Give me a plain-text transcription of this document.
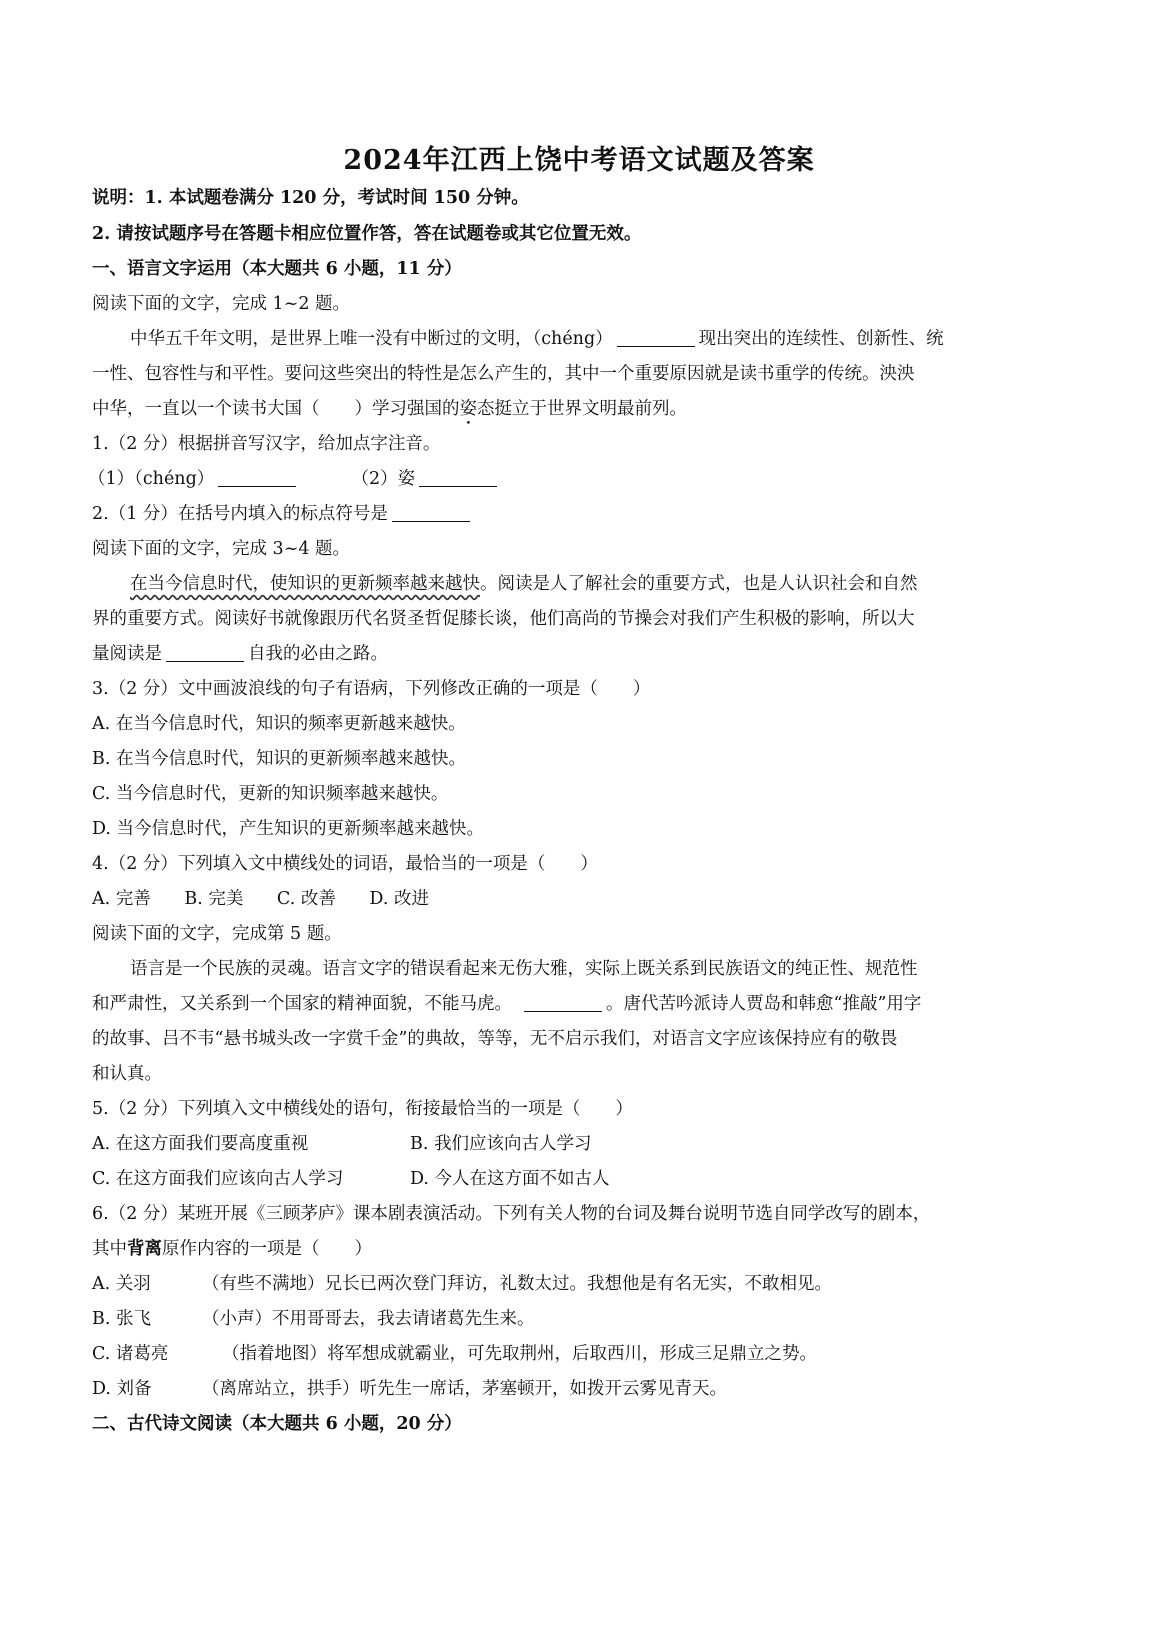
2024年江西上饶中考语文试题及答案
说明：1. 本试题卷满分 120 分，考试时间 150 分钟。
2. 请按试题序号在答题卡相应位置作答，答在试题卷或其它位置无效。
一、语言文字运用（本大题共 6 小题，11 分）
阅读下面的文字，完成 1~2 题。
中华五千年文明，是世界上唯一没有中断过的文明，（chéng）	现出突出的连续性、创新性、统
一性、包容性与和平性。要问这些突出的特性是怎么产生的，其中一个重要原因就是读书重学的传统。泱泱
中华，一直以一个读书大国（　　）学习强国的姿态挺立于世界文明最前列。
1.（2 分）根据拼音写汉字，给加点字注音。
（1）（chéng）	（2）姿
2.（1 分）在括号内填入的标点符号是
阅读下面的文字，完成 3~4 题。
在当今信息时代，使知识的更新频率越来越快。阅读是人了解社会的重要方式，也是人认识社会和自然
界的重要方式。阅读好书就像跟历代名贤圣哲促膝长谈，他们高尚的节操会对我们产生积极的影响，所以大
量阅读是	自我的必由之路。
3.（2 分）文中画波浪线的句子有语病，下列修改正确的一项是（　　）
A. 在当今信息时代，知识的频率更新越来越快。
B. 在当今信息时代，知识的更新频率越来越快。
C. 当今信息时代，更新的知识频率越来越快。
D. 当今信息时代，产生知识的更新频率越来越快。
4.（2 分）下列填入文中横线处的词语，最恰当的一项是（　　）
A. 完善 B. 完美 C. 改善 D. 改进
阅读下面的文字，完成第 5 题。
语言是一个民族的灵魂。语言文字的错误看起来无伤大雅，实际上既关系到民族语文的纯正性、规范性
和严肃性，又关系到一个国家的精神面貌，不能马虎。	。唐代苦吟派诗人贾岛和韩愈“推敲”用字
的故事、吕不韦“悬书城头改一字赏千金”的典故，等等，无不启示我们，对语言文字应该保持应有的敬畏
和认真。
5.（2 分）下列填入文中横线处的语句，衔接最恰当的一项是（　　）
A. 在这方面我们要高度重视	B. 我们应该向古人学习
C. 在这方面我们应该向古人学习	D. 今人在这方面不如古人
6.（2 分）某班开展《三顾茅庐》课本剧表演活动。下列有关人物的台词及舞台说明节选自同学改写的剧本，
其中背离原作内容的一项是（　　）
A. 关羽	（有些不满地）兄长已两次登门拜访，礼数太过。我想他是有名无实，不敢相见。
B. 张飞	（小声）不用哥哥去，我去请诸葛先生来。
C. 诸葛亮	（指着地图）将军想成就霸业，可先取荆州，后取西川，形成三足鼎立之势。
D. 刘备	（离席站立，拱手）听先生一席话，茅塞顿开，如拨开云雾见青天。
二、古代诗文阅读（本大题共 6 小题，20 分）
